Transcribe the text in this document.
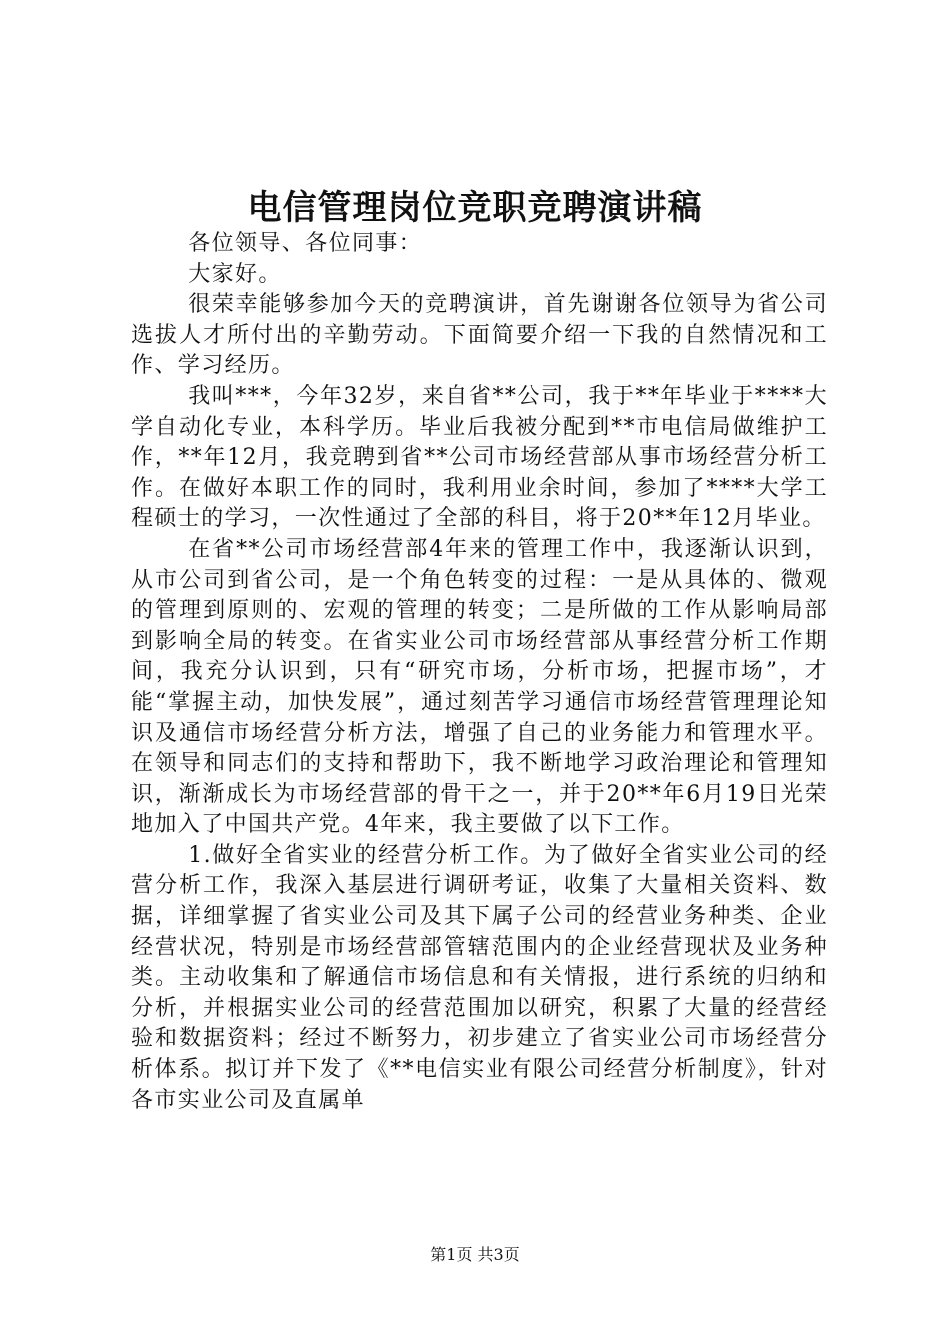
电信管理岗位竞职竞聘演讲稿

各位领导、各位同事：

大家好。

很荣幸能够参加今天的竞聘演讲，首先谢谢各位领导为省公司选拔人才所付出的辛勤劳动。下面简要介绍一下我的自然情况和工作、学习经历。

我叫***，今年32岁，来自省**公司，我于**年毕业于****大学自动化专业，本科学历。毕业后我被分配到**市电信局做维护工作，**年12月，我竞聘到省**公司市场经营部从事市场经营分析工作。在做好本职工作的同时，我利用业余时间，参加了****大学工程硕士的学习，一次性通过了全部的科目，将于20**年12月毕业。

在省**公司市场经营部4年来的管理工作中，我逐渐认识到，从市公司到省公司，是一个角色转变的过程：一是从具体的、微观的管理到原则的、宏观的管理的转变；二是所做的工作从影响局部到影响全局的转变。在省实业公司市场经营部从事经营分析工作期间，我充分认识到，只有“研究市场，分析市场，把握市场”，才能“掌握主动，加快发展”，通过刻苦学习通信市场经营管理理论知识及通信市场经营分析方法，增强了自己的业务能力和管理水平。在领导和同志们的支持和帮助下，我不断地学习政治理论和管理知识，渐渐成长为市场经营部的骨干之一，并于20**年6月19日光荣地加入了中国共产党。4年来，我主要做了以下工作。

1.做好全省实业的经营分析工作。为了做好全省实业公司的经营分析工作，我深入基层进行调研考证，收集了大量相关资料、数据，详细掌握了省实业公司及其下属子公司的经营业务种类、企业经营状况，特别是市场经营部管辖范围内的企业经营现状及业务种类。主动收集和了解通信市场信息和有关情报，进行系统的归纳和分析，并根据实业公司的经营范围加以研究，积累了大量的经营经验和数据资料；经过不断努力，初步建立了省实业公司市场经营分析体系。拟订并下发了《**电信实业有限公司经营分析制度》，针对各市实业公司及直属单

第1页 共3页
